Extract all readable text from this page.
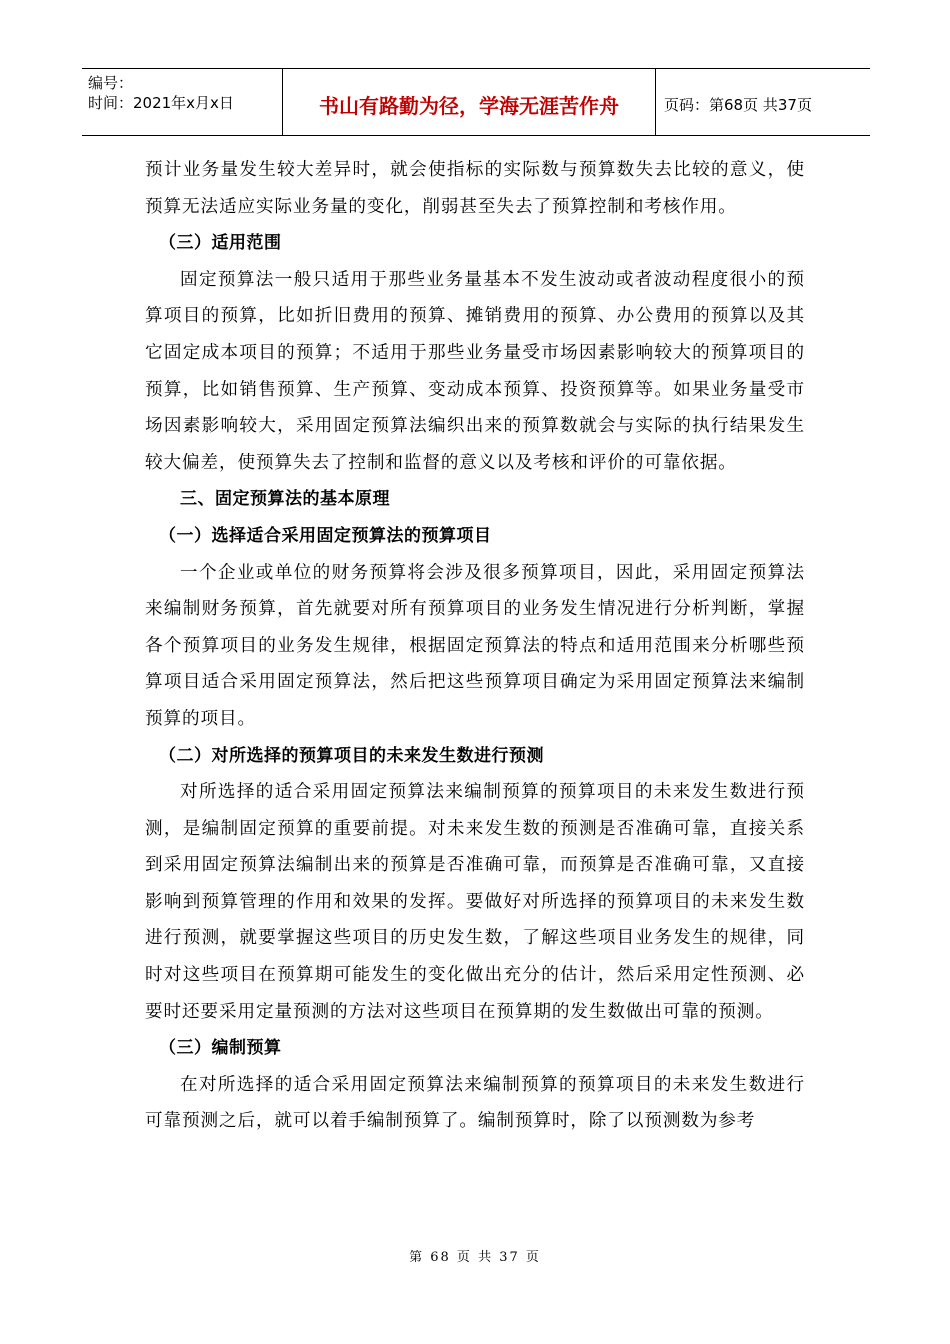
编号：
时间：2021年x月x日	书山有路勤为径，学海无涯苦作舟	页码：第68页 共37页

预计业务量发生较大差异时，就会使指标的实际数与预算数失去比较的意义，使预算无法适应实际业务量的变化，削弱甚至失去了预算控制和考核作用。

（三）适用范围

固定预算法一般只适用于那些业务量基本不发生波动或者波动程度很小的预算项目的预算，比如折旧费用的预算、摊销费用的预算、办公费用的预算以及其它固定成本项目的预算；不适用于那些业务量受市场因素影响较大的预算项目的预算，比如销售预算、生产预算、变动成本预算、投资预算等。如果业务量受市场因素影响较大，采用固定预算法编织出来的预算数就会与实际的执行结果发生较大偏差，使预算失去了控制和监督的意义以及考核和评价的可靠依据。

三、固定预算法的基本原理

（一）选择适合采用固定预算法的预算项目

一个企业或单位的财务预算将会涉及很多预算项目，因此，采用固定预算法来编制财务预算，首先就要对所有预算项目的业务发生情况进行分析判断，掌握各个预算项目的业务发生规律，根据固定预算法的特点和适用范围来分析哪些预算项目适合采用固定预算法，然后把这些预算项目确定为采用固定预算法来编制预算的项目。

（二）对所选择的预算项目的未来发生数进行预测

对所选择的适合采用固定预算法来编制预算的预算项目的未来发生数进行预测，是编制固定预算的重要前提。对未来发生数的预测是否准确可靠，直接关系到采用固定预算法编制出来的预算是否准确可靠，而预算是否准确可靠，又直接影响到预算管理的作用和效果的发挥。要做好对所选择的预算项目的未来发生数进行预测，就要掌握这些项目的历史发生数，了解这些项目业务发生的规律，同时对这些项目在预算期可能发生的变化做出充分的估计，然后采用定性预测、必要时还要采用定量预测的方法对这些项目在预算期的发生数做出可靠的预测。

（三）编制预算

在对所选择的适合采用固定预算法来编制预算的预算项目的未来发生数进行可靠预测之后，就可以着手编制预算了。编制预算时，除了以预测数为参考

第 68 页 共 37 页
